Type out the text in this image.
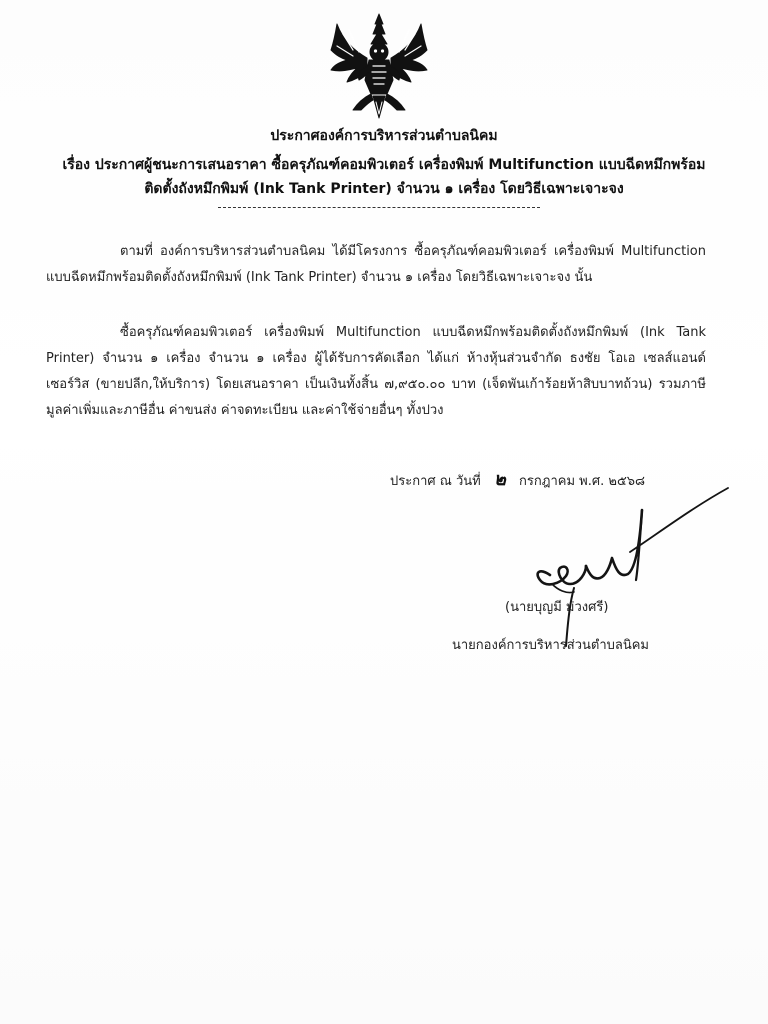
ประกาศองค์การบริหารส่วนตำบลนิคม
เรื่อง ประกาศผู้ชนะการเสนอราคา ซื้อครุภัณฑ์คอมพิวเตอร์ เครื่องพิมพ์ Multifunction แบบฉีดหมึกพร้อมติดตั้งถังหมึกพิมพ์ (Ink Tank Printer) จำนวน ๑ เครื่อง โดยวิธีเฉพาะเจาะจง
ตามที่ องค์การบริหารส่วนตำบลนิคม ได้มีโครงการ ซื้อครุภัณฑ์คอมพิวเตอร์ เครื่องพิมพ์ Multifunction แบบฉีดหมึกพร้อมติดตั้งถังหมึกพิมพ์ (Ink Tank Printer) จำนวน ๑ เครื่อง โดยวิธีเฉพาะเจาะจง นั้น
ซื้อครุภัณฑ์คอมพิวเตอร์ เครื่องพิมพ์ Multifunction แบบฉีดหมึกพร้อมติดตั้งถังหมึกพิมพ์ (Ink Tank Printer) จำนวน ๑ เครื่อง จำนวน ๑ เครื่อง ผู้ได้รับการคัดเลือก ได้แก่ ห้างหุ้นส่วนจำกัด ธงชัย โอเอ เซลส์แอนด์ เซอร์วิส (ขายปลีก,ให้บริการ) โดยเสนอราคา เป็นเงินทั้งสิ้น ๗,๙๕๐.๐๐ บาท (เจ็ดพันเก้าร้อยห้าสิบบาทถ้วน) รวมภาษีมูลค่าเพิ่มและภาษีอื่น ค่าขนส่ง ค่าจดทะเบียน และค่าใช้จ่ายอื่นๆ ทั้งปวง
ประกาศ ณ วันที่ ๒ กรกฎาคม พ.ศ. ๒๕๖๘
(นายบุญมี ม่วงศรี)
นายกองค์การบริหารส่วนตำบลนิคม
